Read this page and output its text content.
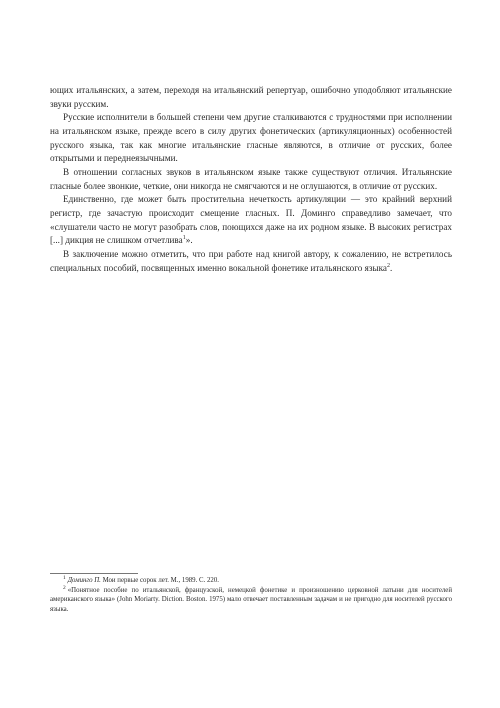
ющих итальянских, а затем, переходя на итальянский репертуар, ошибочно уподобляют итальянские звуки русским.

Русские исполнители в большей степени чем другие сталкиваются с трудностями при исполнении на итальянском языке, прежде всего в силу других фонетических (артикуляционных) особенностей русского языка, так как многие итальянские гласные являются, в отличие от русских, более открытыми и переднеязычными.

В отношении согласных звуков в итальянском языке также существуют отличия. Итальянские гласные более звонкие, четкие, они никогда не смягчаются и не оглушаются, в отличие от русских.

Единственно, где может быть простительна нечеткость артикуляции — это крайний верхний регистр, где зачастую происходит смещение гласных. П. Доминго справедливо замечает, что «слушатели часто не могут разобрать слов, поющихся даже на их родном языке. В высоких регистрах [...] дикция не слишком отчетлива$^1$».

В заключение можно отметить, что при работе над книгой автору, к сожалению, не встретилось специальных пособий, посвященных именно вокальной фонетике итальянского языка$^2$.

$^1$ Доминго П. Мои первые сорок лет. М., 1989. С. 220.

$^2$ «Понятное пособие по итальянской, французской, немецкой фонетике и произношению церковной латыни для носителей американского языка» (John Moriarty. Diction. Boston. 1975) мало отвечает поставленным задачам и не пригодно для носителей русского языка.
